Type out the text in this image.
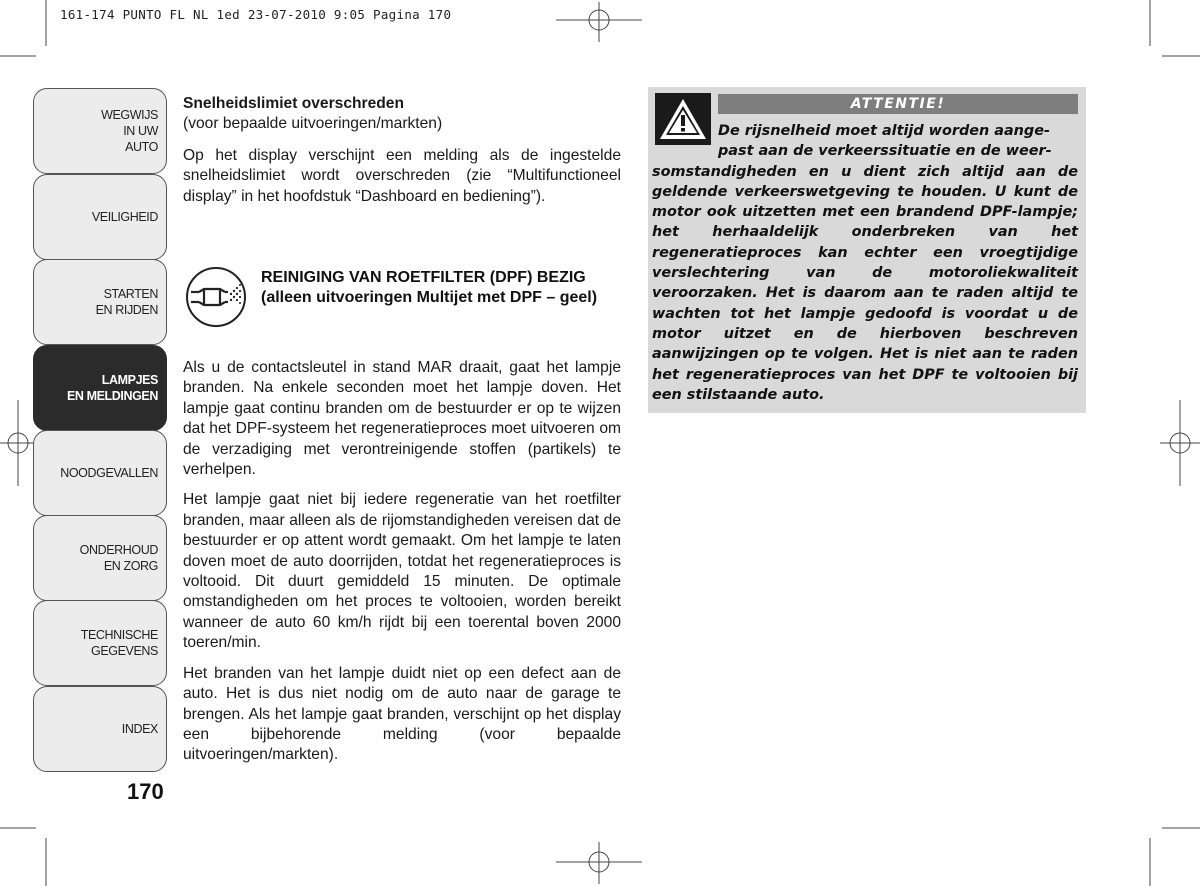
161-174 PUNTO FL NL 1ed 23-07-2010 9:05 Pagina 170
WEGWIJS
IN UW
AUTO
VEILIGHEID
STARTEN
EN RIJDEN
LAMPJES
EN MELDINGEN
NOODGEVALLEN
ONDERHOUD
EN ZORG
TECHNISCHE
GEGEVENS
INDEX
170

Snelheidslimiet overschreden

(voor bepaalde uitvoeringen/markten)

Op het display verschijnt een melding als de ingestelde snelheidslimiet wordt overschreden (zie “Multifunctioneel display” in het hoofdstuk “Dashboard en bediening”).

REINIGING VAN ROETFILTER (DPF) BEZIG
(alleen uitvoeringen Multijet met DPF – geel)

Als u de contactsleutel in stand MAR draait, gaat het lampje branden. Na enkele seconden moet het lampje doven. Het lampje gaat continu branden om de bestuurder er op te wijzen dat het DPF-systeem het regeneratieproces moet uitvoeren om de verzadiging met verontreinigende stoffen (partikels) te verhelpen.

Het lampje gaat niet bij iedere regeneratie van het roetfilter branden, maar alleen als de rijomstandigheden vereisen dat de bestuurder er op attent wordt gemaakt. Om het lampje te laten doven moet de auto doorrijden, totdat het regeneratieproces is voltooid. Dit duurt gemiddeld 15 minuten. De optimale omstandigheden om het proces te voltooien, worden bereikt wanneer de auto 60 km/h rijdt bij een toerental boven 2000 toeren/min.

Het branden van het lampje duidt niet op een defect aan de auto. Het is dus niet nodig om de auto naar de garage te brengen. Als het lampje gaat branden, verschijnt op het display een bijbehorende melding (voor bepaalde uitvoeringen/markten).

ATTENTIE!
De rijsnelheid moet altijd worden aange-
past aan de verkeerssituatie en de weer-
somstandigheden en u dient zich altijd aan de geldende verkeerswetgeving te houden. U kunt de motor ook uitzetten met een brandend DPF-lampje; het herhaaldelijk onderbreken van het regeneratieproces kan echter een vroegtijdige verslechtering van de motoroliekwaliteit veroorzaken. Het is daarom aan te raden altijd te wachten tot het lampje gedoofd is voordat u de motor uitzet en de hierboven beschreven aanwijzingen op te volgen. Het is niet aan te raden het regeneratieproces van het DPF te voltooien bij een stilstaande auto.
